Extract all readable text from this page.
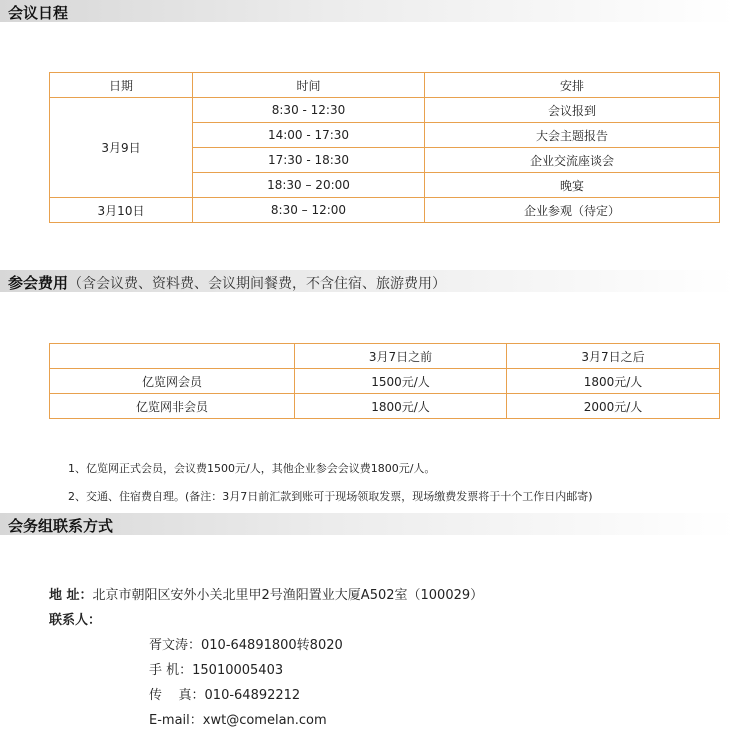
会议日程
日期	时间	安排
3月9日	8:30 - 12:30	会议报到
	14:00 - 17:30	大会主题报告
	17:30 - 18:30	企业交流座谈会
	18:30 – 20:00	晚宴
3月10日	8:30 – 12:00	企业参观（待定）
参会费用（含会议费、资料费、会议期间餐费，不含住宿、旅游费用）
	3月7日之前	3月7日之后
亿览网会员	1500元/人	1800元/人
亿览网非会员	1800元/人	2000元/人
1、亿览网正式会员，会议费1500元/人，其他企业参会会议费1800元/人。
2、交通、住宿费自理。(备注：3月7日前汇款到账可于现场领取发票，现场缴费发票将于十个工作日内邮寄)
会务组联系方式
地 址：北京市朝阳区安外小关北里甲2号渔阳置业大厦A502室（100029）
联系人：
胥文涛：010-64891800转8020
手 机：15010005403
传    真：010-64892212
E-mail：xwt@comelan.com
